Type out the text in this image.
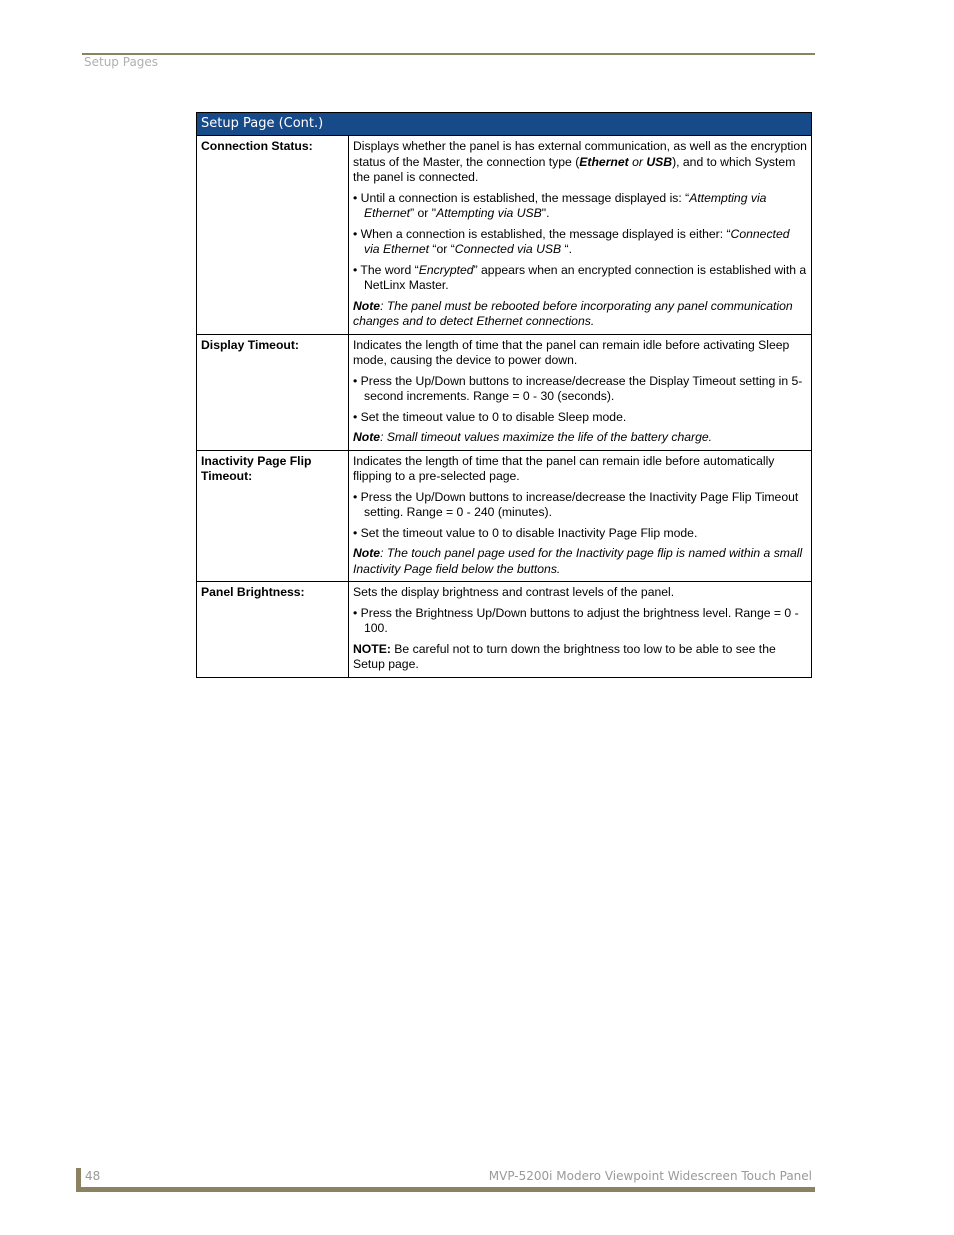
Setup Pages
Setup Page (Cont.)	
Connection Status:	Displays whether the panel is has external communication, as well as the encryption status of the Master, the connection type (Ethernet or USB), and to which System the panel is connected.

• Until a connection is established, the message displayed is: “Attempting via Ethernet” or "Attempting via USB".

• When a connection is established, the message displayed is either: “Connected via Ethernet “or “Connected via USB “.

• The word “Encrypted” appears when an encrypted connection is established with a NetLinx Master.

Note: The panel must be rebooted before incorporating any panel communication changes and to detect Ethernet connections.

Display Timeout:	Indicates the length of time that the panel can remain idle before activating Sleep mode, causing the device to power down.

• Press the Up/Down buttons to increase/decrease the Display Timeout setting in 5-second increments. Range = 0 - 30 (seconds).

• Set the timeout value to 0 to disable Sleep mode.

Note: Small timeout values maximize the life of the battery charge.

Inactivity Page Flip Timeout:	Indicates the length of time that the panel can remain idle before automatically flipping to a pre-selected page.

• Press the Up/Down buttons to increase/decrease the Inactivity Page Flip Timeout setting. Range = 0 - 240 (minutes).

• Set the timeout value to 0 to disable Inactivity Page Flip mode.

Note: The touch panel page used for the Inactivity page flip is named within a small Inactivity Page field below the buttons.

Panel Brightness:	Sets the display brightness and contrast levels of the panel.

• Press the Brightness Up/Down buttons to adjust the brightness level. Range = 0 - 100.

NOTE: Be careful not to turn down the brightness too low to be able to see the Setup page.

48	MVP-5200i Modero Viewpoint Widescreen Touch Panel
